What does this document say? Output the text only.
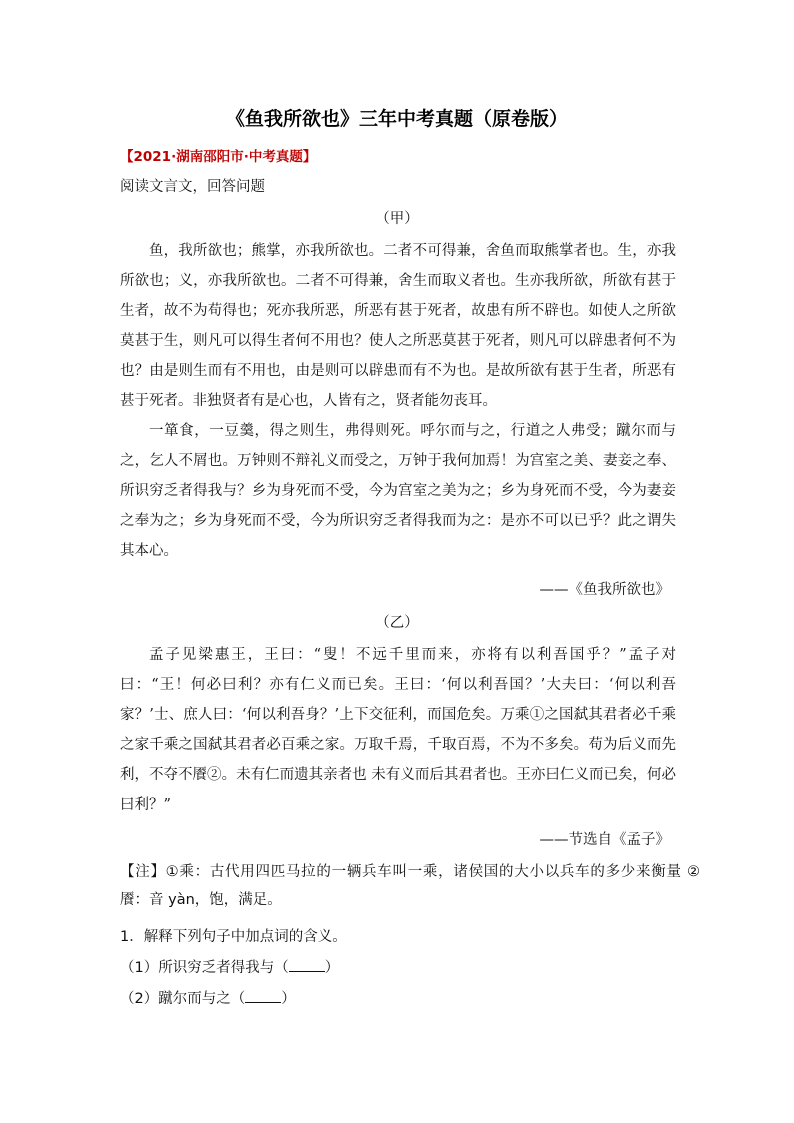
《鱼我所欲也》三年中考真题（原卷版）
【2021·湖南邵阳市·中考真题】
阅读文言文，回答问题
（甲）

鱼，我所欲也；熊掌，亦我所欲也。二者不可得兼，舍鱼而取熊掌者也。生，亦我所欲也；义，亦我所欲也。二者不可得兼，舍生而取义者也。生亦我所欲，所欲有甚于生者，故不为苟得也；死亦我所恶，所恶有甚于死者，故患有所不辟也。如使人之所欲莫甚于生，则凡可以得生者何不用也？使人之所恶莫甚于死者，则凡可以辟患者何不为也？由是则生而有不用也，由是则可以辟患而有不为也。是故所欲有甚于生者，所恶有甚于死者。非独贤者有是心也，人皆有之，贤者能勿丧耳。

一箪食，一豆羹，得之则生，弗得则死。呼尔而与之，行道之人弗受；蹴尔而与之，乞人不屑也。万钟则不辩礼义而受之，万钟于我何加焉！为宫室之美、妻妾之奉、所识穷乏者得我与？乡为身死而不受，今为宫室之美为之；乡为身死而不受，今为妻妾之奉为之；乡为身死而不受，今为所识穷乏者得我而为之：是亦不可以已乎？此之谓失其本心。

——《鱼我所欲也》
（乙）

孟子见梁惠王，王曰：“叟！不远千里而来，亦将有以利吾国乎？”孟子对曰：“王！何必曰利？亦有仁义而已矣。王曰：‘何以利吾国？’大夫曰：‘何以利吾家？’士、庶人曰：‘何以利吾身？’上下交征利，而国危矣。万乘①之国弑其君者必千乘之家千乘之国弑其君者必百乘之家。万取千焉，千取百焉，不为不多矣。苟为后义而先利，不夺不餍②。未有仁而遗其亲者也 未有义而后其君者也。王亦曰仁义而已矣，何必曰利？”

——节选自《孟子》
【注】①乘：古代用四匹马拉的一辆兵车叫一乘，诸侯国的大小以兵车的多少来衡量 ②餍：音 yàn，饱，满足。
1．解释下列句子中加点词的含义。
（1）所识穷乏者得我与（ ）
（2）蹴尔而与之（ ）
